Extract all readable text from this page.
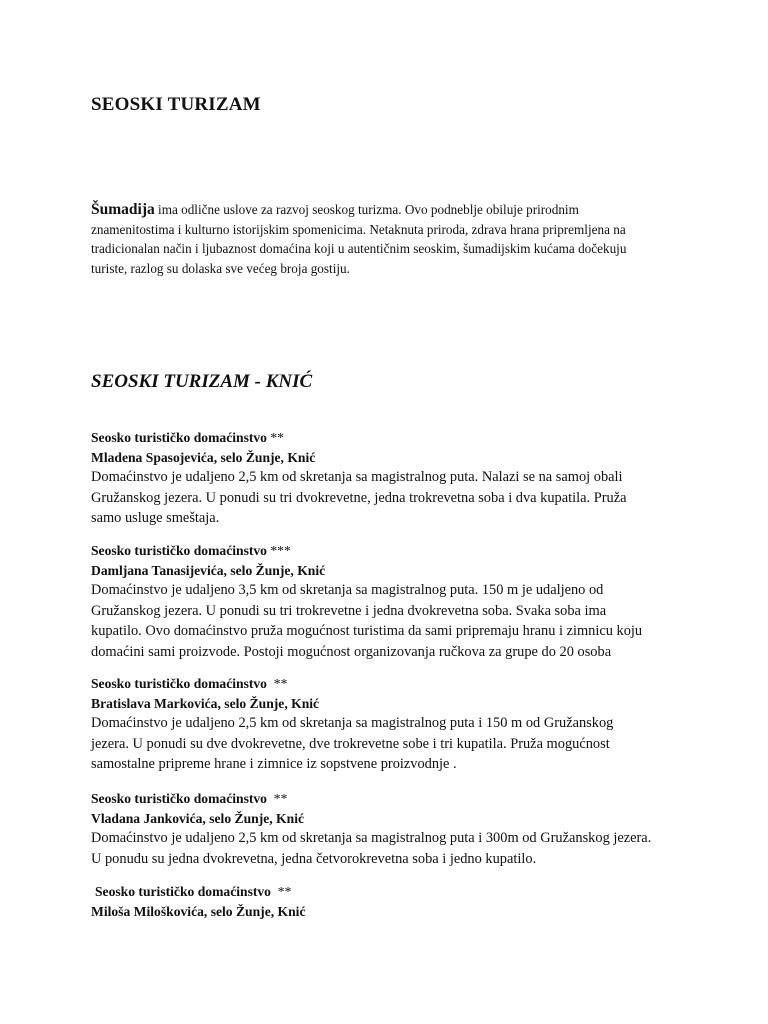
SEOSKI TURIZAM

Šumadija ima odlične uslove za razvoj seoskog turizma. Ovo podneblje obiluje prirodnim
znamenitostima i kulturno istorijskim spomenicima. Netaknuta priroda, zdrava hrana pripremljena na
tradicionalan način i ljubaznost domaćina koji u autentičnim seoskim, šumadijskim kućama dočekuju
turiste, razlog su dolaska sve većeg broja gostiju.

SEOSKI TURIZAM - KNIĆ

Seosko turističko domaćinstvo **

Mladena Spasojevića, selo Žunje, Knić

Domaćinstvo je udaljeno 2,5 km od skretanja sa magistralnog puta. Nalazi se na samoj obali
Gružanskog jezera. U ponudi su tri dvokrevetne, jedna trokrevetna soba i dva kupatila. Pruža
samo usluge smeštaja.

Seosko turističko domaćinstvo ***

Damljana Tanasijevića, selo Žunje, Knić

Domaćinstvo je udaljeno 3,5 km od skretanja sa magistralnog puta. 150 m je udaljeno od
Gružanskog jezera. U ponudi su tri trokrevetne i jedna dvokrevetna soba. Svaka soba ima
kupatilo. Ovo domaćinstvo pruža mogućnost turistima da sami pripremaju hranu i zimnicu koju
domaćini sami proizvode. Postoji mogućnost organizovanja ručkova za grupe do 20 osoba

Seosko turističko domaćinstvo  **

Bratislava Markovića, selo Žunje, Knić

Domaćinstvo je udaljeno 2,5 km od skretanja sa magistralnog puta i 150 m od Gružanskog
jezera. U ponudi su dve dvokrevetne, dve trokrevetne sobe i tri kupatila. Pruža mogućnost
samostalne pripreme hrane i zimnice iz sopstvene proizvodnje .

Seosko turističko domaćinstvo  **

Vladana Jankovića, selo Žunje, Knić

Domaćinstvo je udaljeno 2,5 km od skretanja sa magistralnog puta i 300m od Gružanskog jezera.
U ponudu su jedna dvokrevetna, jedna četvorokrevetna soba i jedno kupatilo.

Seosko turističko domaćinstvo  **

Miloša Miloškovića, selo Žunje, Knić
